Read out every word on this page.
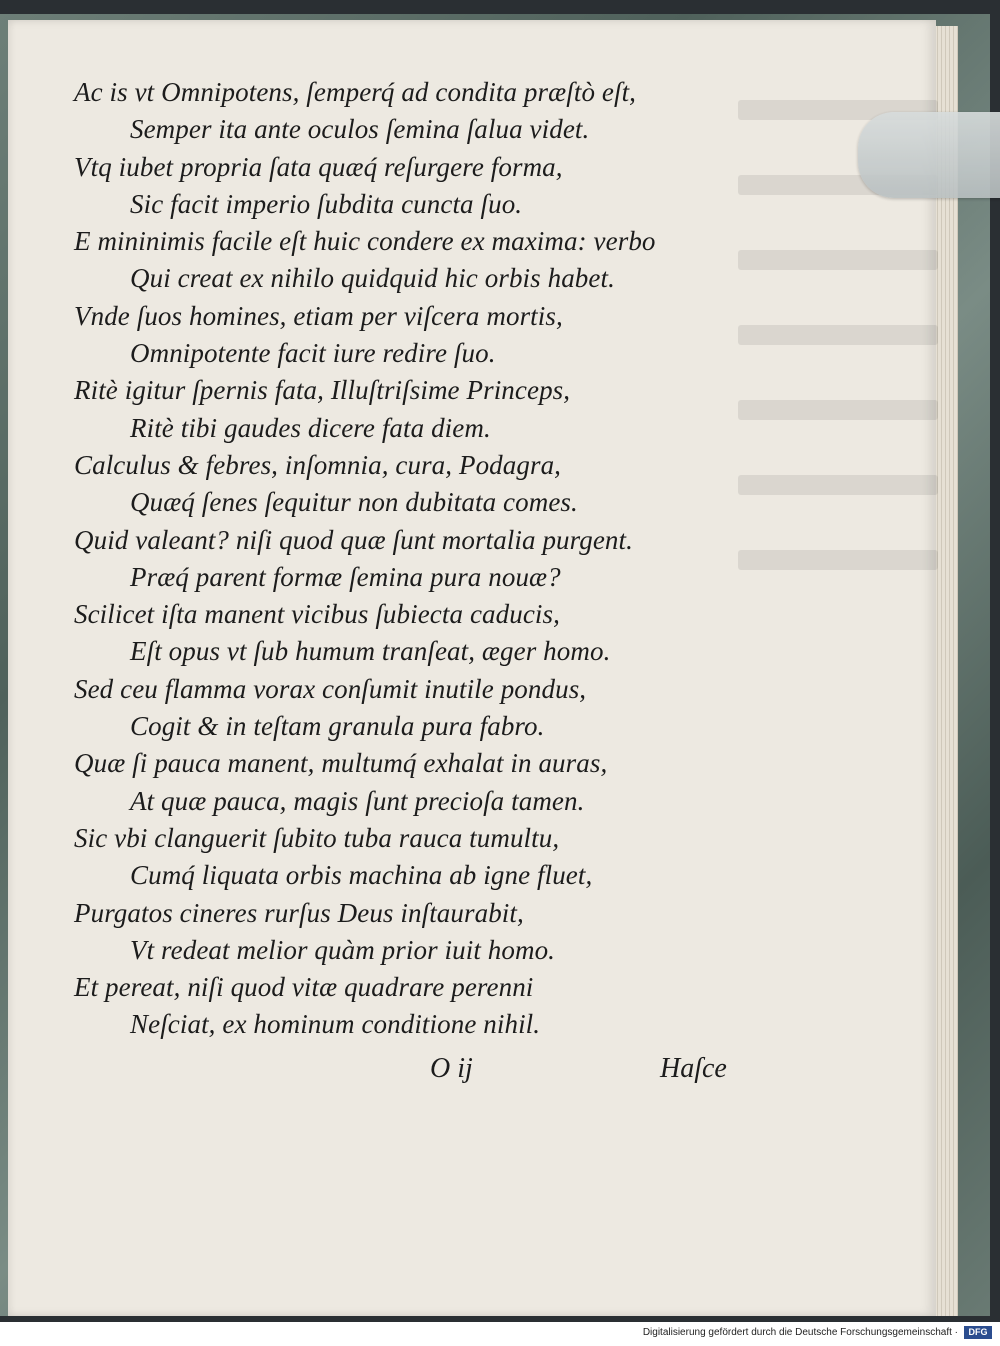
Ac is vt Omnipotens, ſemperq́ ad condita præſtò eſt,
Semper ita ante oculos ſemina ſalua videt.
Vtq iubet propria ſata quæq́ reſurgere forma,
Sic facit imperio ſubdita cuncta ſuo.
E mininimis facile eſt huic condere ex maxima: verbo
Qui creat ex nihilo quidquid hic orbis habet.
Vnde ſuos homines, etiam per viſcera mortis,
Omnipotente facit iure redire ſuo.
Ritè igitur ſpernis fata, Illuſtriſsime Princeps,
Ritè tibi gaudes dicere fata diem.
Calculus & febres, inſomnia, cura, Podagra,
Quæq́ ſenes ſequitur non dubitata comes.
Quid valeant? niſi quod quæ ſunt mortalia purgent.
Præq́ parent formæ ſemina pura nouæ?
Scilicet iſta manent vicibus ſubiecta caducis,
Eſt opus vt ſub humum tranſeat, æger homo.
Sed ceu flamma vorax conſumit inutile pondus,
Cogit & in teſtam granula pura fabro.
Quæ ſi pauca manent, multumq́ exhalat in auras,
At quæ pauca, magis ſunt precioſa tamen.
Sic vbi clanguerit ſubito tuba rauca tumultu,
Cumq́ liquata orbis machina ab igne fluet,
Purgatos cineres rurſus Deus inſtaurabit,
Vt redeat melior quàm prior iuit homo.
Et pereat, niſi quod vitæ quadrare perenni
Neſciat, ex hominum conditione nihil.
O ij	Haſce
Digitalisierung gefördert durch die Deutsche Forschungsgemeinschaft ·	DFG
